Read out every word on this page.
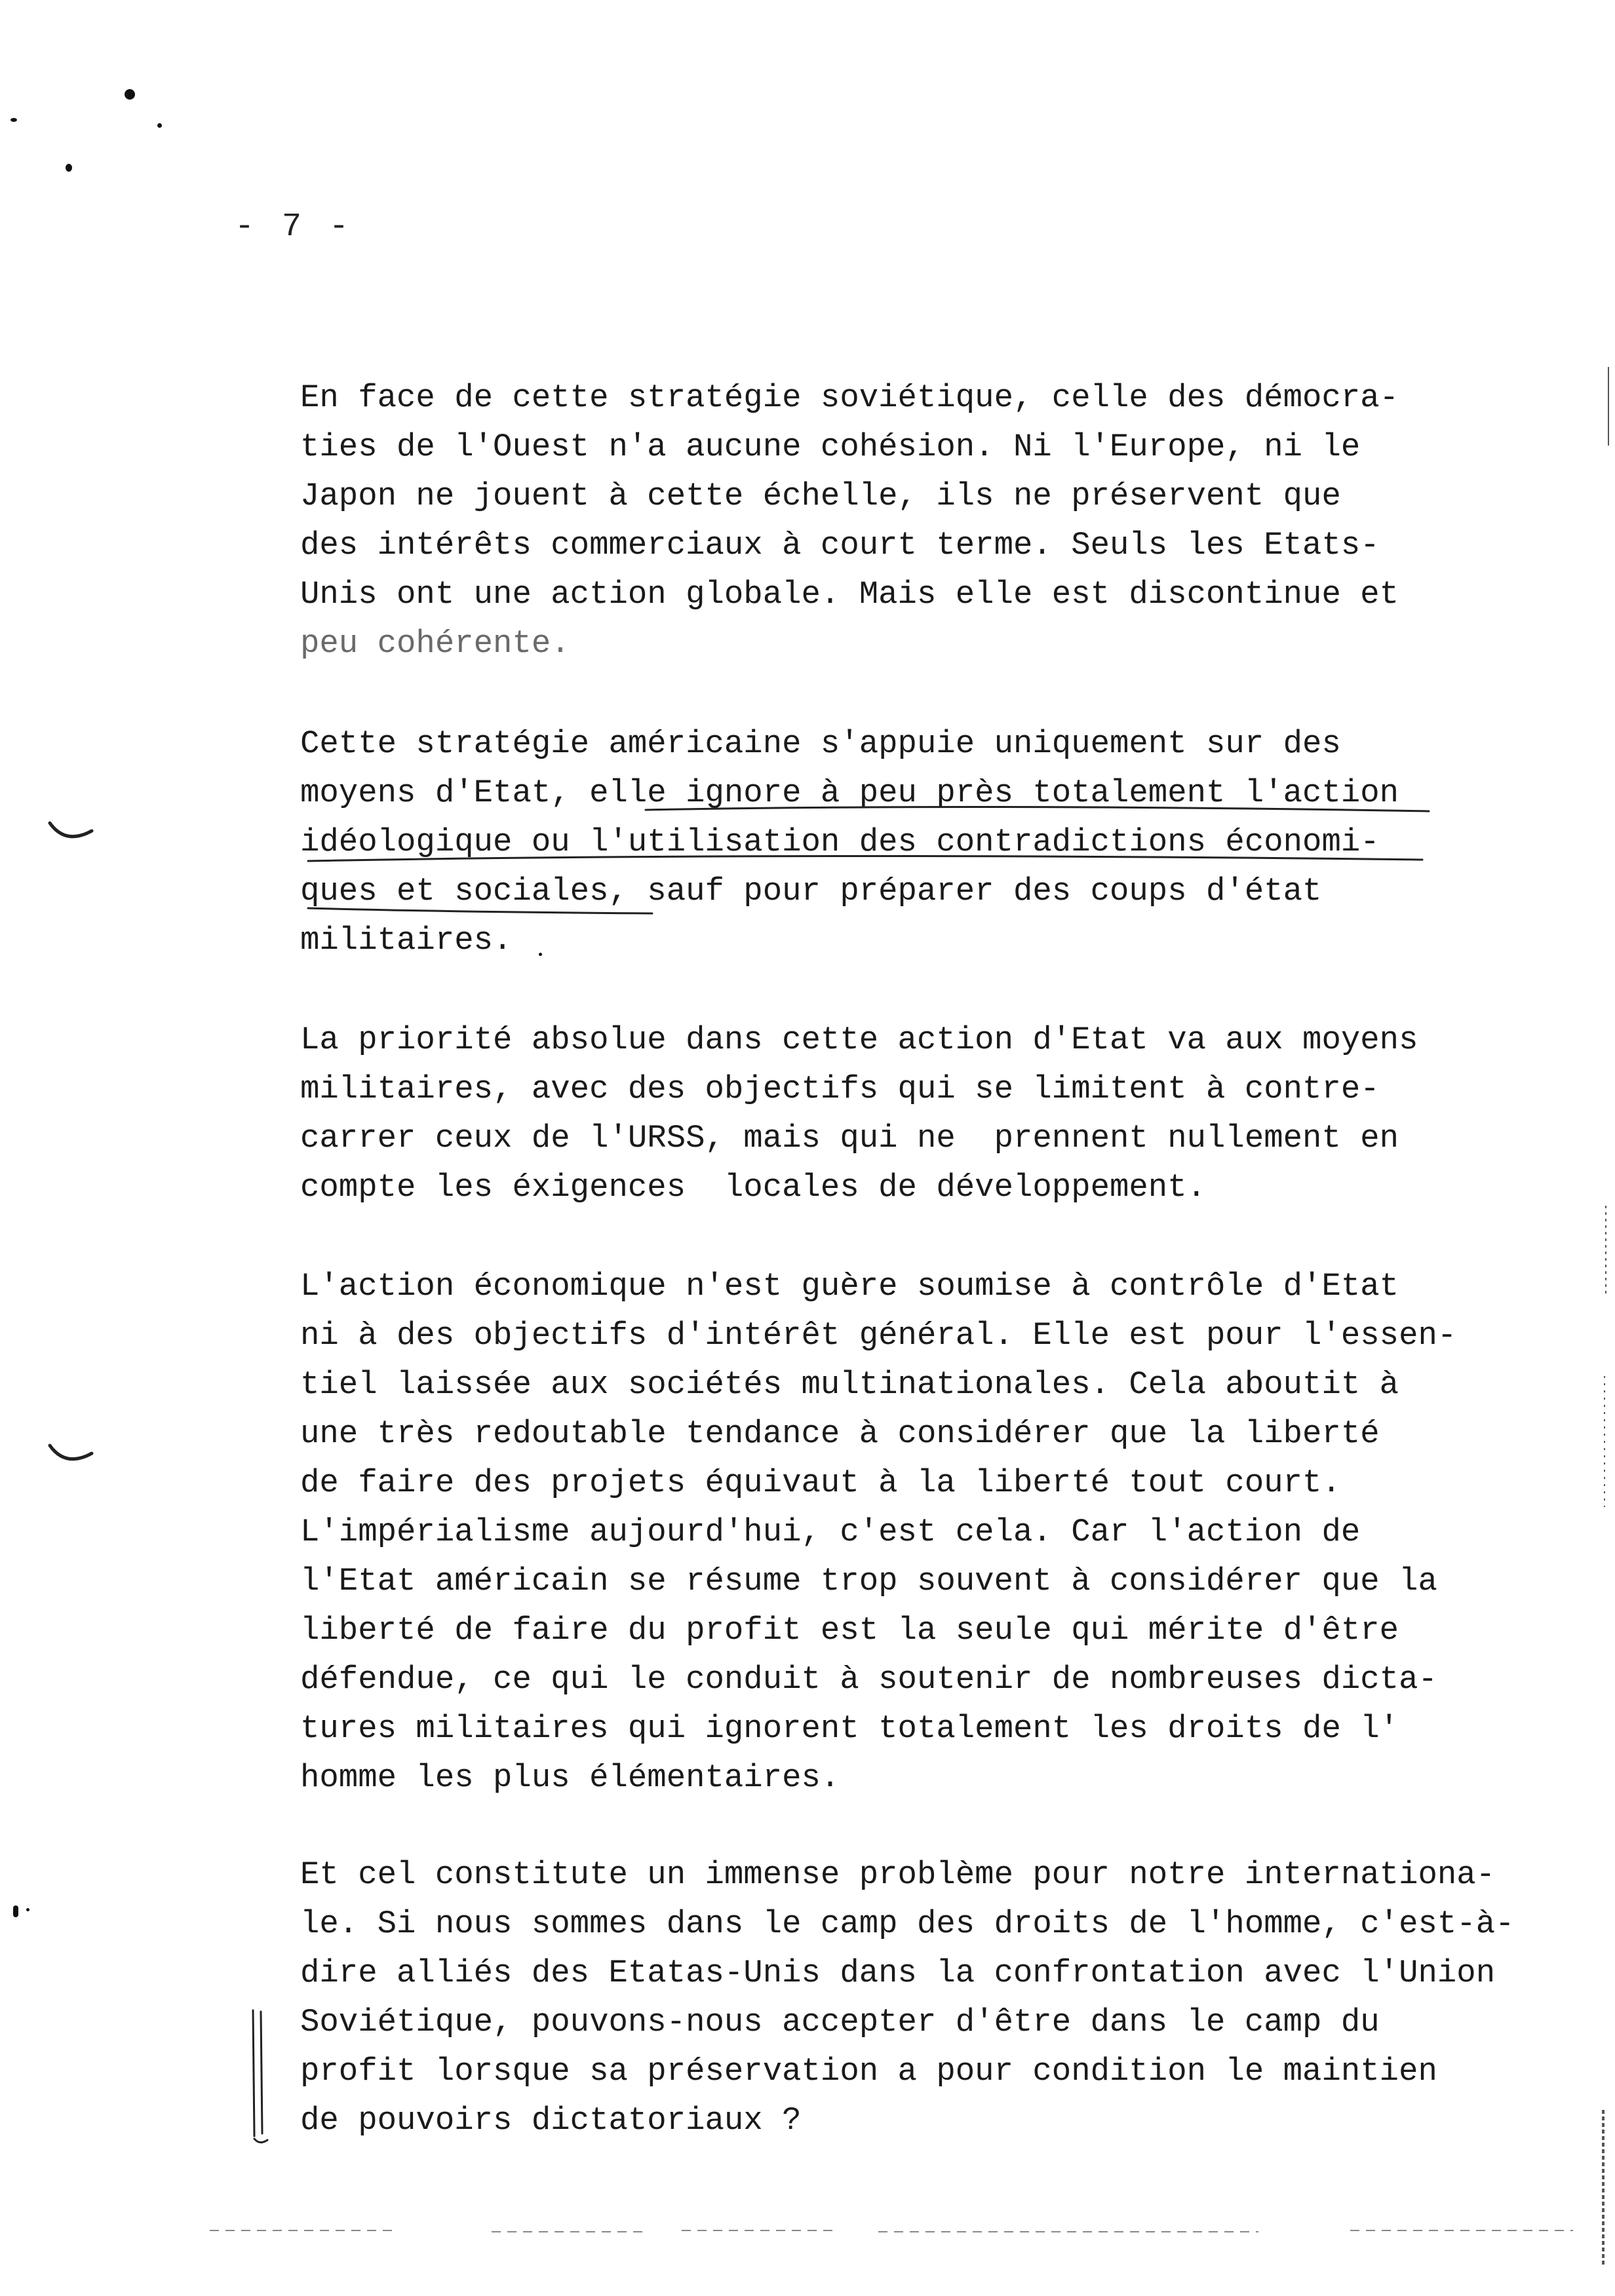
- 7 -
En face de cette stratégie soviétique, celle des démocra-
ties de l'Ouest n'a aucune cohésion. Ni l'Europe, ni le
Japon ne jouent à cette échelle, ils ne préservent que
des intérêts commerciaux à court terme. Seuls les Etats-
Unis ont une action globale. Mais elle est discontinue et
peu cohérente.
Cette stratégie américaine s'appuie uniquement sur des
moyens d'Etat, elle ignore à peu près totalement l'action
idéologique ou l'utilisation des contradictions économi-
ques et sociales, sauf pour préparer des coups d'état
militaires.
La priorité absolue dans cette action d'Etat va aux moyens
militaires, avec des objectifs qui se limitent à contre-
carrer ceux de l'URSS, mais qui ne  prennent nullement en
compte les éxigences  locales de développement.
L'action économique n'est guère soumise à contrôle d'Etat
ni à des objectifs d'intérêt général. Elle est pour l'essen-
tiel laissée aux sociétés multinationales. Cela aboutit à
une très redoutable tendance à considérer que la liberté
de faire des projets équivaut à la liberté tout court.
L'impérialisme aujourd'hui, c'est cela. Car l'action de
l'Etat américain se résume trop souvent à considérer que la
liberté de faire du profit est la seule qui mérite d'être
défendue, ce qui le conduit à soutenir de nombreuses dicta-
tures militaires qui ignorent totalement les droits de l'
homme les plus élémentaires.
Et cel constitute un immense problème pour notre internationa-
le. Si nous sommes dans le camp des droits de l'homme, c'est-à-
dire alliés des Etatas-Unis dans la confrontation avec l'Union
Soviétique, pouvons-nous accepter d'être dans le camp du
profit lorsque sa préservation a pour condition le maintien
de pouvoirs dictatoriaux ?
